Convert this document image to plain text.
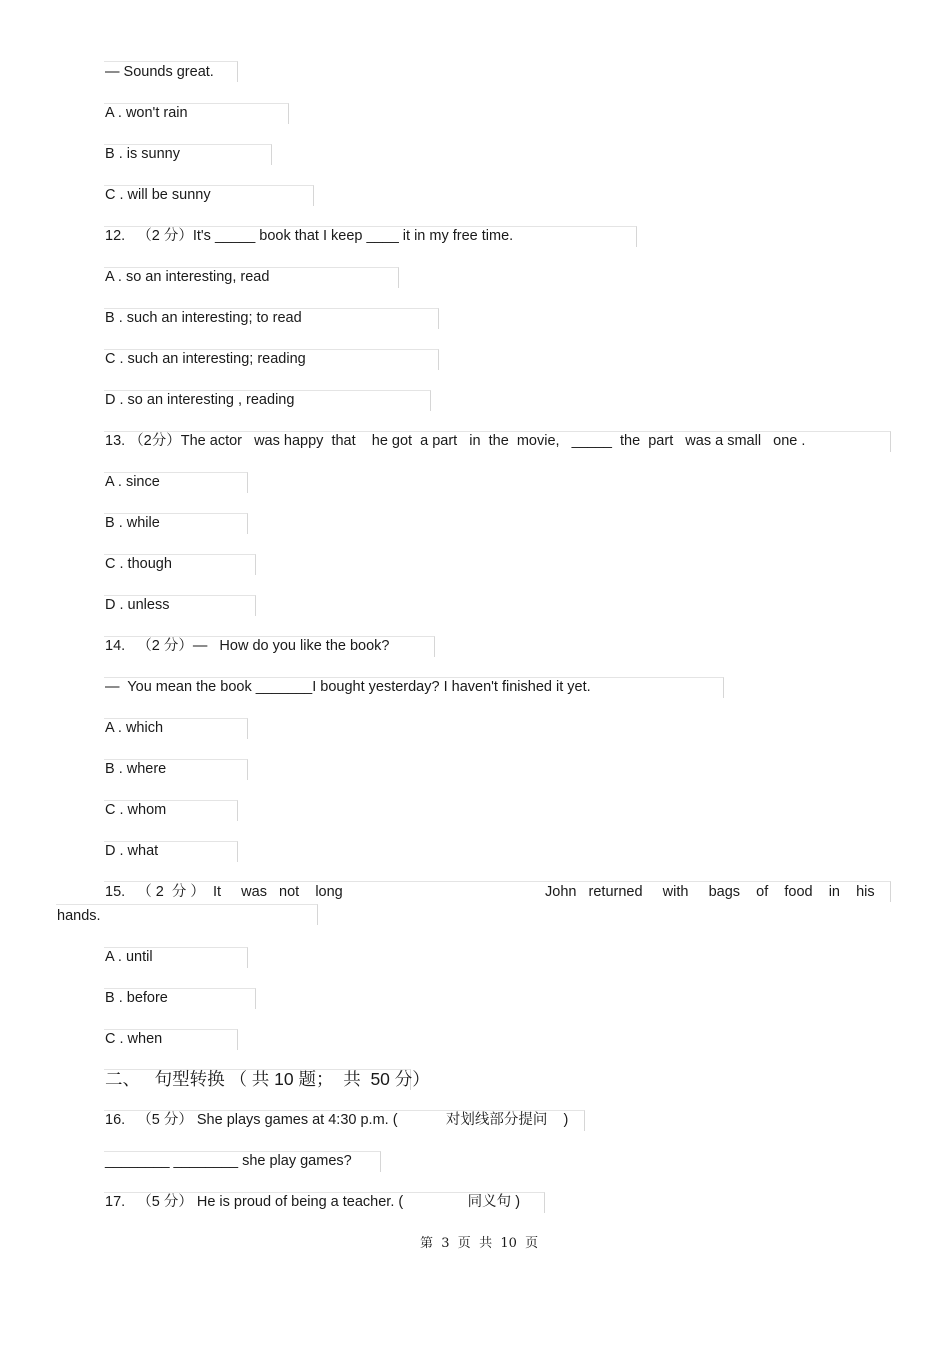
— Sounds great.
A . won't rain
B . is sunny
C . will be sunny
12.   （2 分）It's _____ book that I keep ____ it in my free time.
A . so an interesting, read
B . such an interesting; to read
C . such an interesting; reading
D . so an interesting , reading
13. （2分）The actor   was happy  that    he got  a part   in  the  movie,   _____  the  part   was a small   one .
A . since
B . while
C . though
D . unless
14.   （2 分）—   How do you like the book?
—  You mean the book _______I bought yesterday? I haven't finished it yet.
A . which
B . where
C . whom
D . what
15.   （ 2  分 ）  It     was   not    long	John   returned     with     bags    of    food    in    his
hands.
A . until
B . before
C . when
二、   句型转换 （ 共 10 题；  共  50 分）
16.   （5 分） She plays games at 4:30 p.m. (            对划线部分提问    )
________ ________ she play games?
17.   （5 分） He is proud of being a teacher. (                同义句 )
第  3  页  共  10  页
